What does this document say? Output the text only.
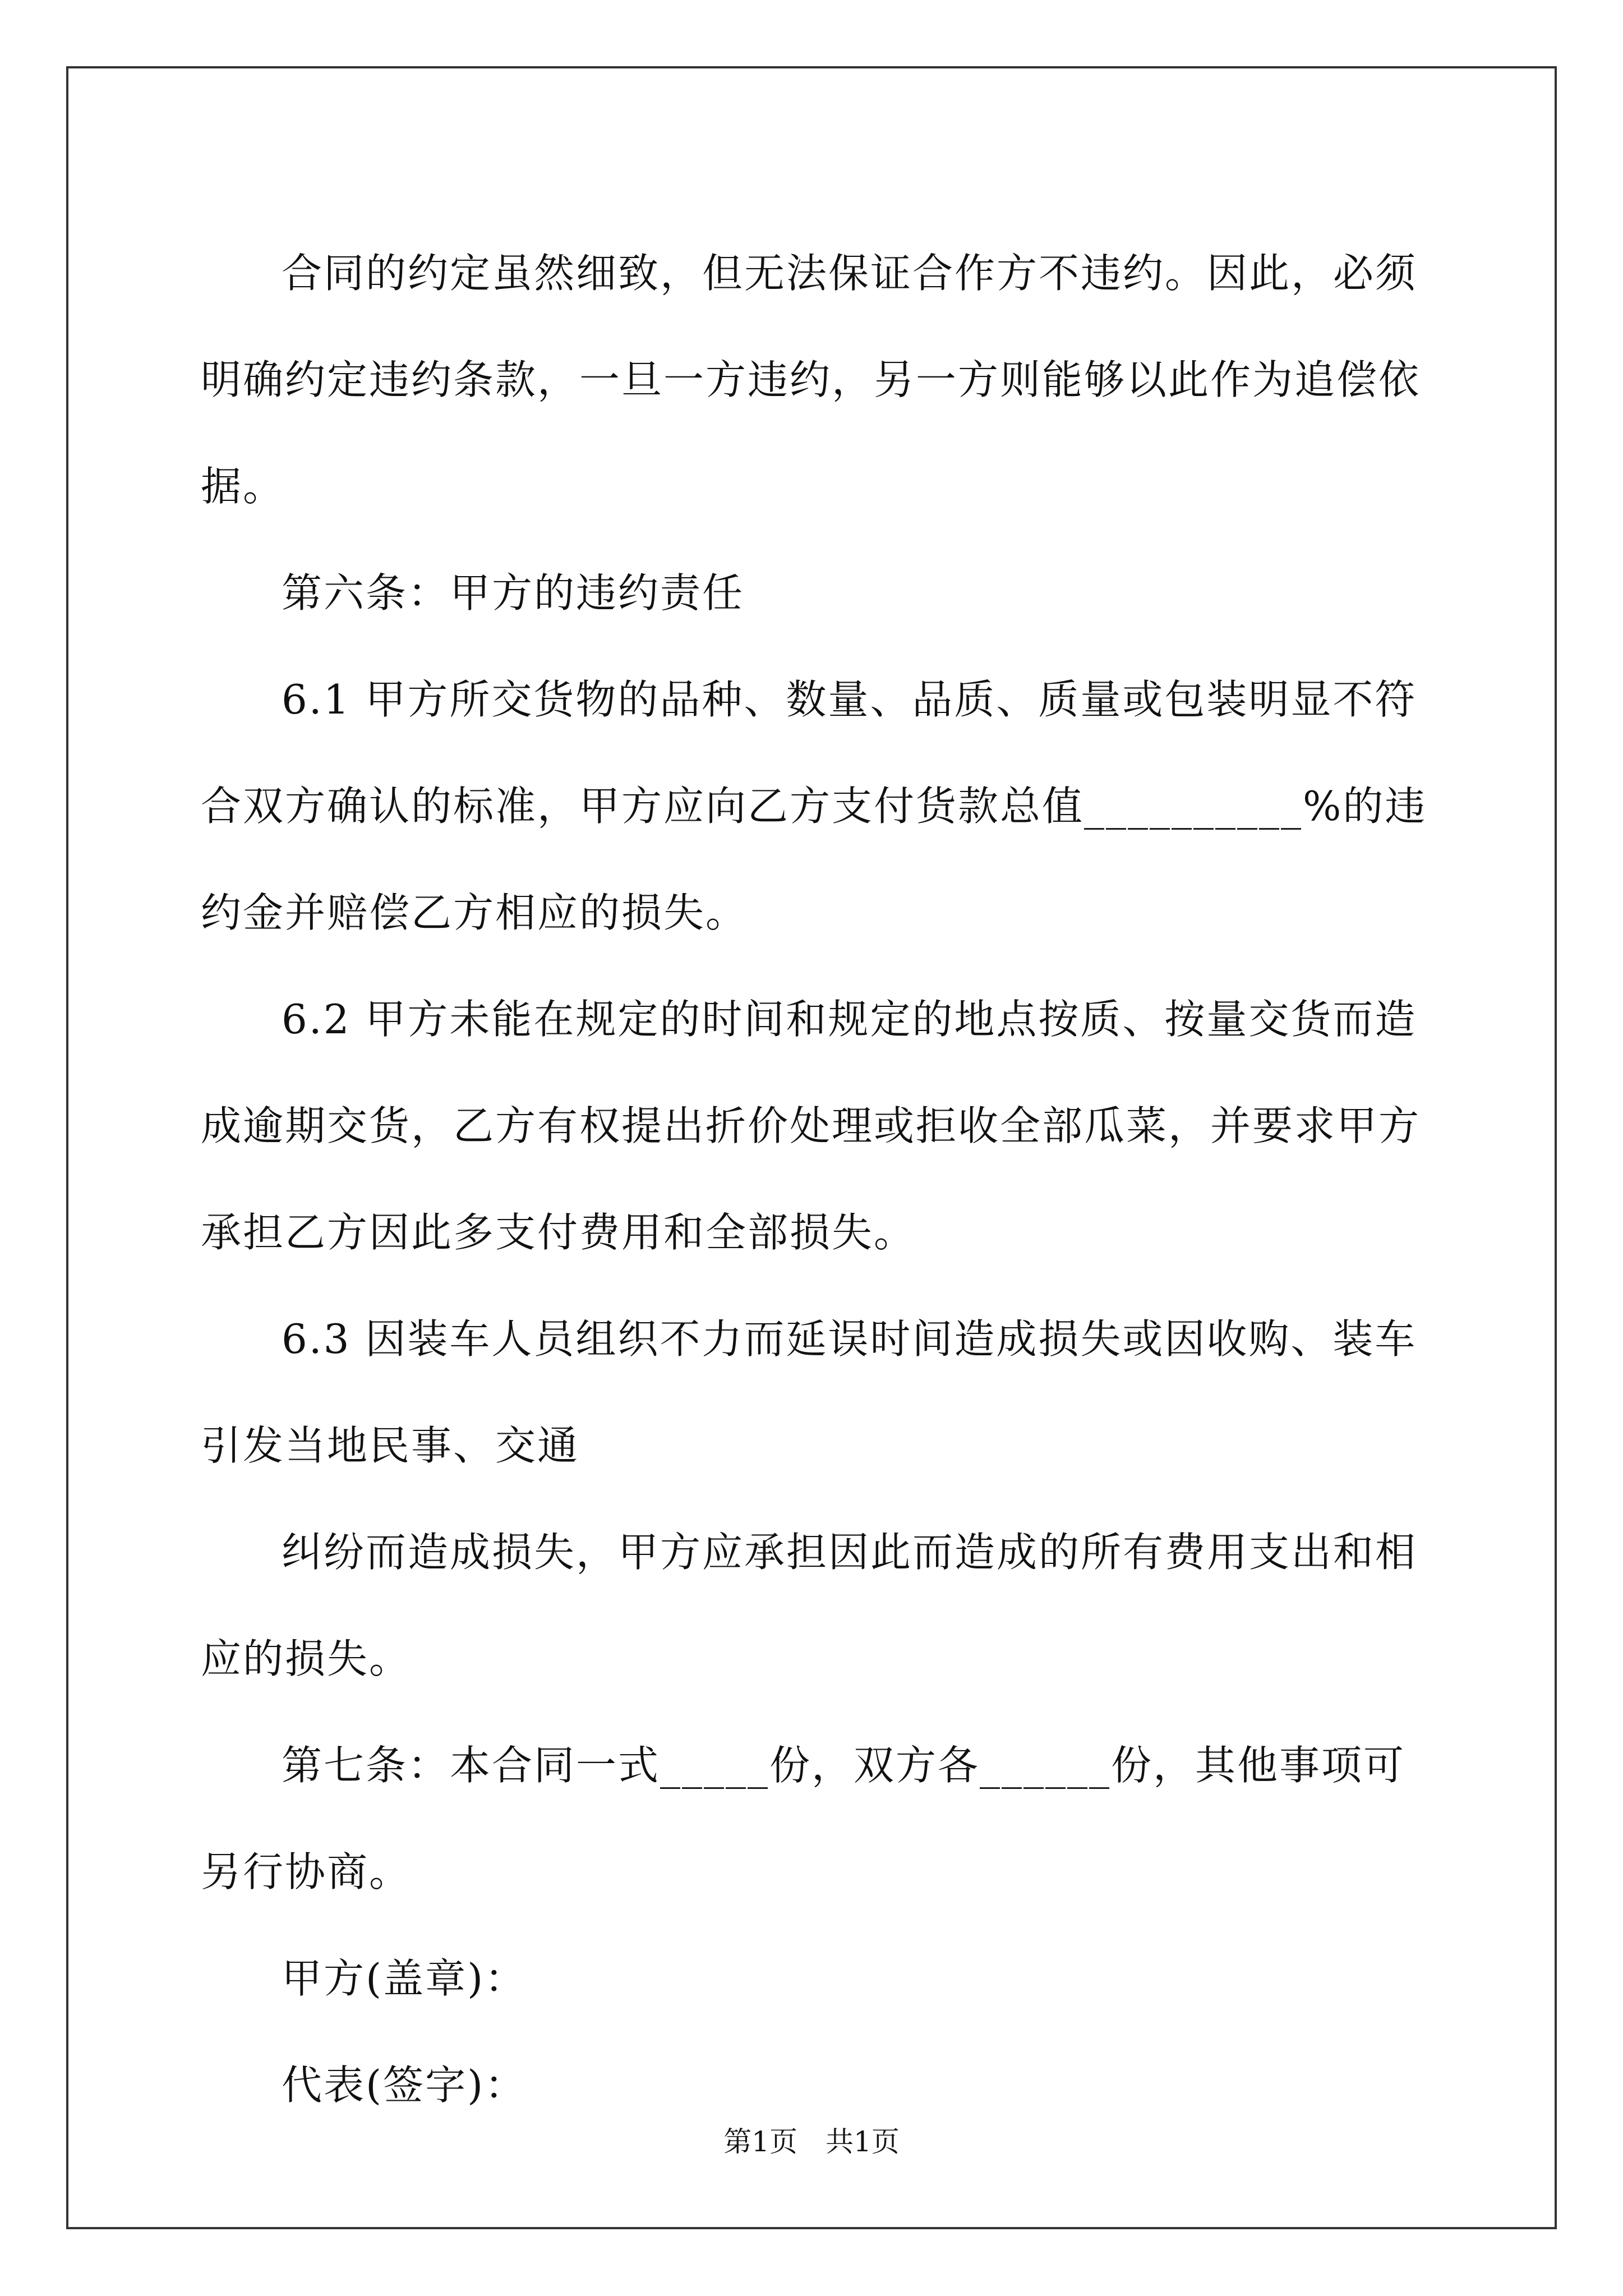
合同的约定虽然细致，但无法保证合作方不违约。因此，必须明确约定违约条款，一旦一方违约，另一方则能够以此作为追偿依据。

第六条：甲方的违约责任

6.1 甲方所交货物的品种、数量、品质、质量或包装明显不符合双方确认的标准，甲方应向乙方支付货款总值__________%的违约金并赔偿乙方相应的损失。

6.2 甲方未能在规定的时间和规定的地点按质、按量交货而造成逾期交货，乙方有权提出折价处理或拒收全部瓜菜，并要求甲方承担乙方因此多支付费用和全部损失。

6.3 因装车人员组织不力而延误时间造成损失或因收购、装车引发当地民事、交通

纠纷而造成损失，甲方应承担因此而造成的所有费用支出和相应的损失。

第七条：本合同一式_____份，双方各______份，其他事项可另行协商。

甲方(盖章)：

代表(签字)：

第1页　共1页
